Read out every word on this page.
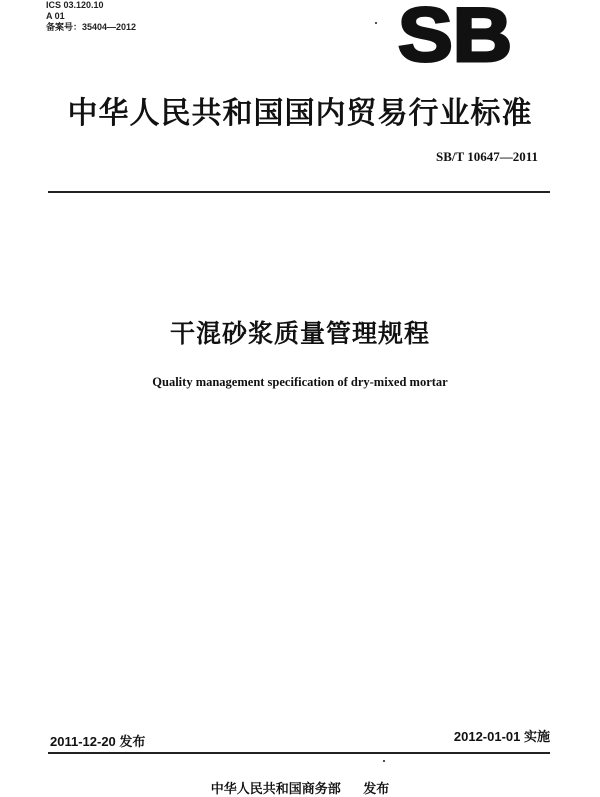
ICS 03.120.10
A 01
备案号：35404—2012	SB
中华人民共和国国内贸易行业标准
SB/T 10647—2011
干混砂浆质量管理规程
Quality management specification of dry-mixed mortar
2011-12-20 发布	2012-01-01 实施
中华人民共和国商务部 发布
